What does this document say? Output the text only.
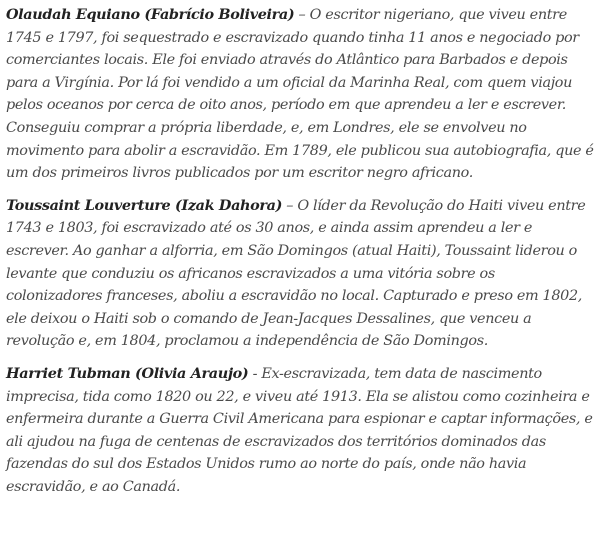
Olaudah Equiano (Fabrício Boliveira) – O escritor nigeriano, que viveu entre 1745 e 1797, foi sequestrado e escravizado quando tinha 11 anos e negociado por comerciantes locais. Ele foi enviado através do Atlântico para Barbados e depois para a Virgínia. Por lá foi vendido a um oficial da Marinha Real, com quem viajou pelos oceanos por cerca de oito anos, período em que aprendeu a ler e escrever. Conseguiu comprar a própria liberdade, e, em Londres, ele se envolveu no movimento para abolir a escravidão. Em 1789, ele publicou sua autobiografia, que é um dos primeiros livros publicados por um escritor negro africano.

Toussaint Louverture (Izak Dahora) – O líder da Revolução do Haiti viveu entre 1743 e 1803, foi escravizado até os 30 anos, e ainda assim aprendeu a ler e escrever. Ao ganhar a alforria, em São Domingos (atual Haiti), Toussaint liderou o levante que conduziu os africanos escravizados a uma vitória sobre os colonizadores franceses, aboliu a escravidão no local. Capturado e preso em 1802, ele deixou o Haiti sob o comando de Jean-Jacques Dessalines, que venceu a revolução e, em 1804, proclamou a independência de São Domingos.

Harriet Tubman (Olivia Araujo) - Ex-escravizada, tem data de nascimento imprecisa, tida como 1820 ou 22, e viveu até 1913. Ela se alistou como cozinheira e enfermeira durante a Guerra Civil Americana para espionar e captar informações, e ali ajudou na fuga de centenas de escravizados dos territórios dominados das fazendas do sul dos Estados Unidos rumo ao norte do país, onde não havia escravidão, e ao Canadá.
